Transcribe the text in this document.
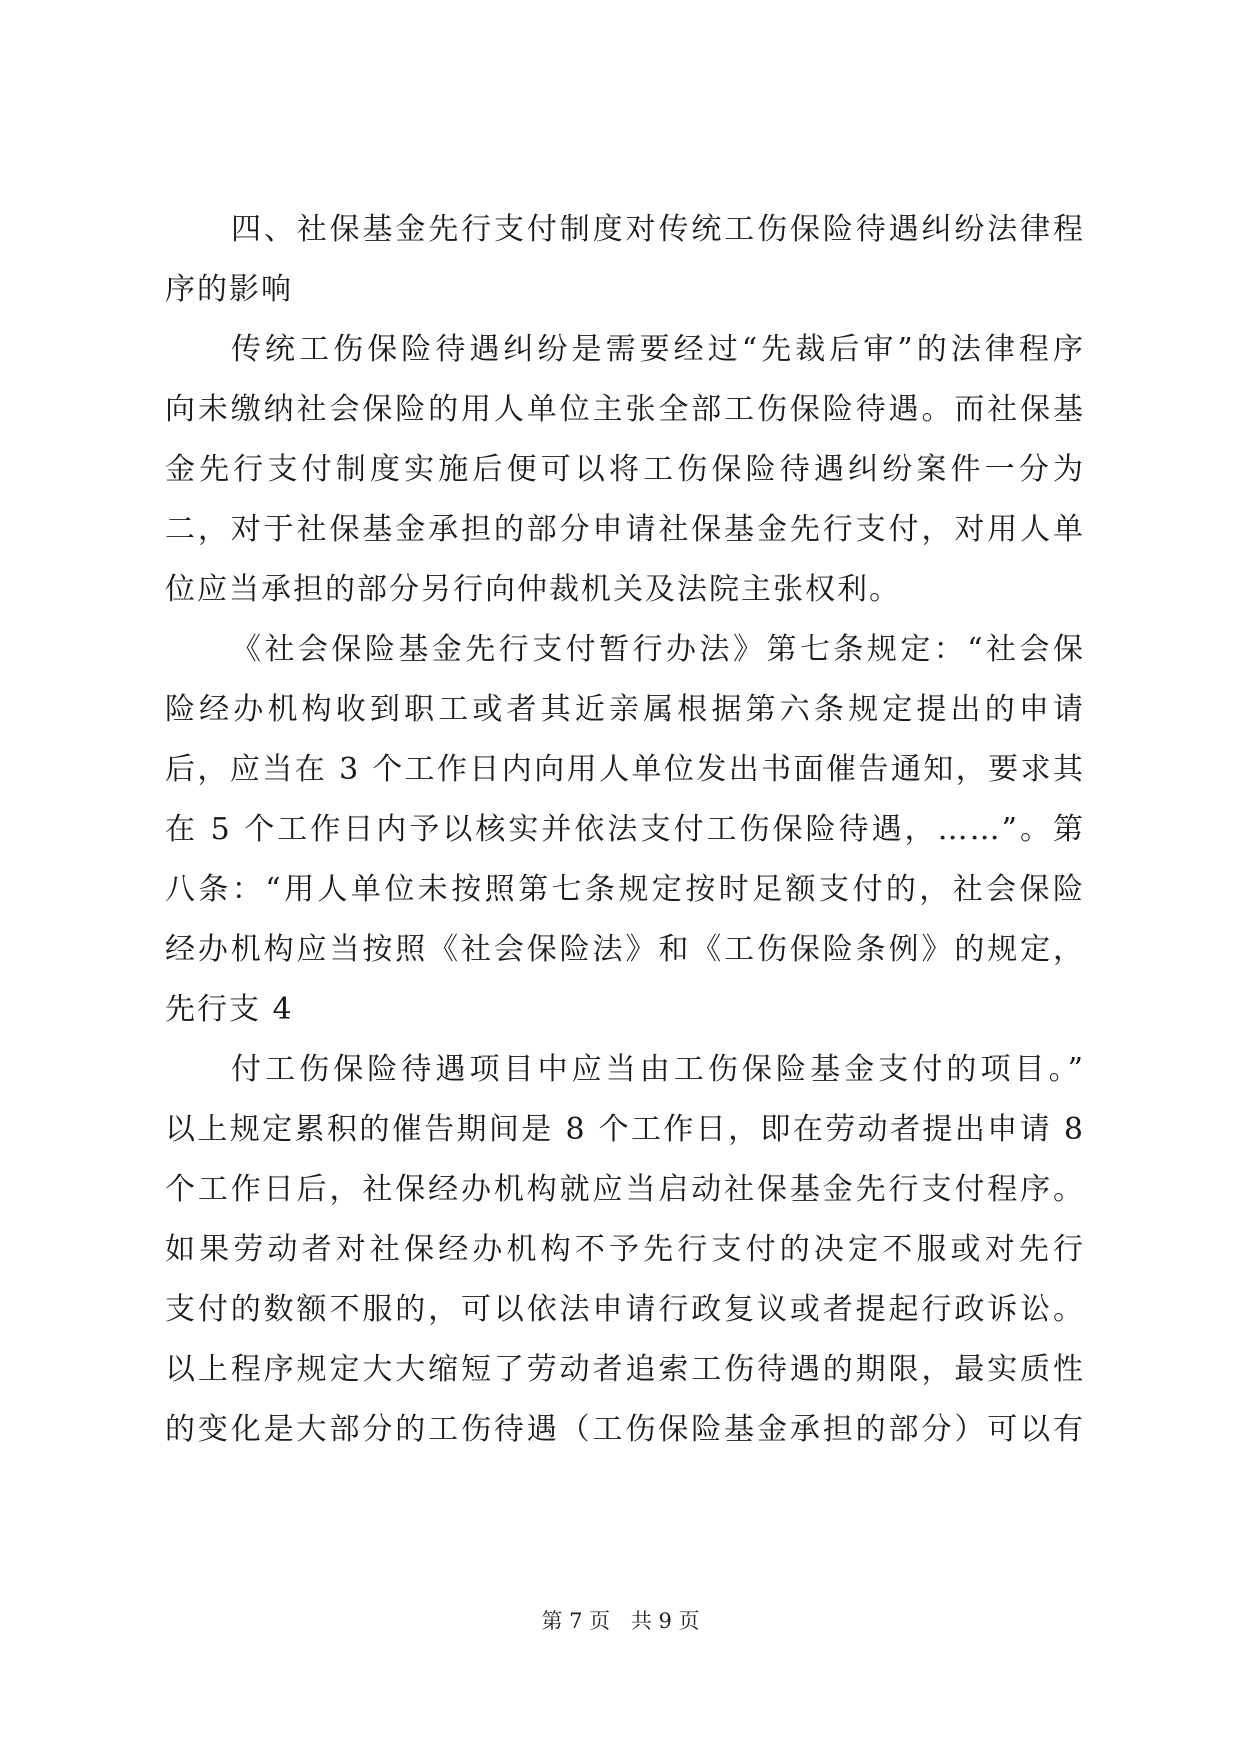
四、社保基金先行支付制度对传统工伤保险待遇纠纷法律程
序的影响
传统工伤保险待遇纠纷是需要经过“先裁后审”的法律程序
向未缴纳社会保险的用人单位主张全部工伤保险待遇。而社保基
金先行支付制度实施后便可以将工伤保险待遇纠纷案件一分为
二，对于社保基金承担的部分申请社保基金先行支付，对用人单
位应当承担的部分另行向仲裁机关及法院主张权利。
《社会保险基金先行支付暂行办法》第七条规定：“社会保
险经办机构收到职工或者其近亲属根据第六条规定提出的申请
后，应当在 3 个工作日内向用人单位发出书面催告通知，要求其
在 5 个工作日内予以核实并依法支付工伤保险待遇，……”。第
八条：“用人单位未按照第七条规定按时足额支付的，社会保险
经办机构应当按照《社会保险法》和《工伤保险条例》的规定，
先行支 4
付工伤保险待遇项目中应当由工伤保险基金支付的项目。”
以上规定累积的催告期间是 8 个工作日，即在劳动者提出申请 8
个工作日后，社保经办机构就应当启动社保基金先行支付程序。
如果劳动者对社保经办机构不予先行支付的决定不服或对先行
支付的数额不服的，可以依法申请行政复议或者提起行政诉讼。
以上程序规定大大缩短了劳动者追索工伤待遇的期限，最实质性
的变化是大部分的工伤待遇（工伤保险基金承担的部分）可以有
第 7 页 共 9 页
